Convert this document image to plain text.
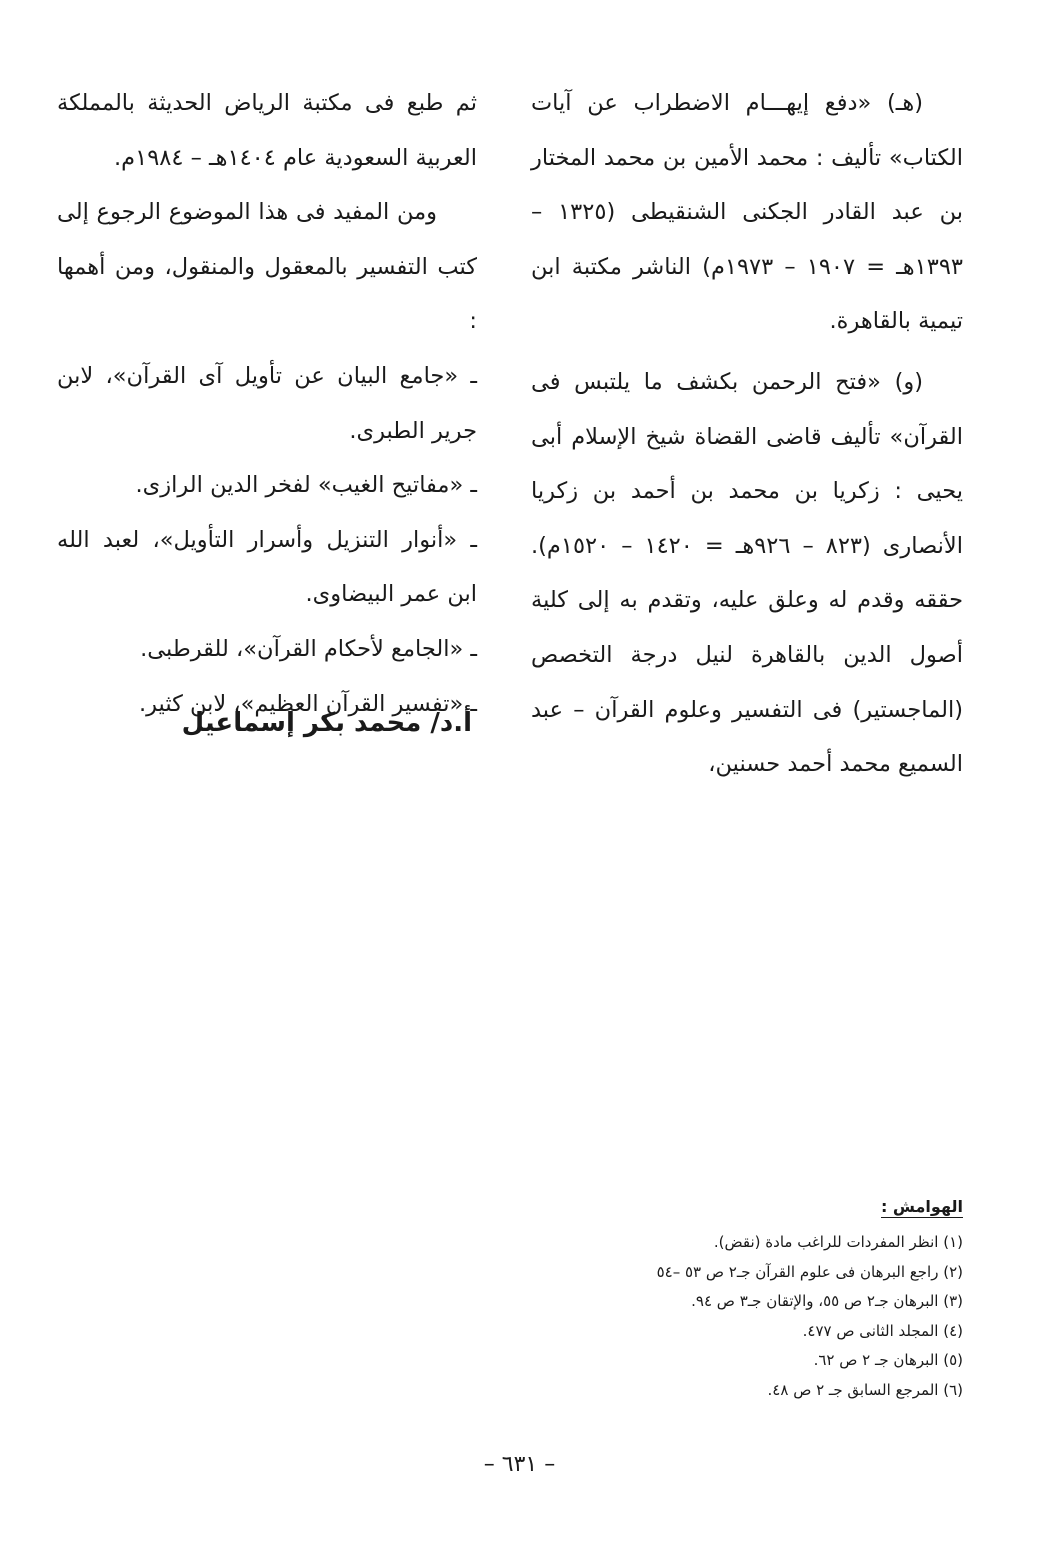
(هـ) «دفع إيهـــام الاضطراب عن آيات الكتاب» تأليف : محمد الأمين بن محمد المختار بن عبد القادر الجكنى الشنقيطى (١٣٢٥ – ١٣٩٣هـ = ١٩٠٧ – ١٩٧٣م) الناشر مكتبة ابن تيمية بالقاهرة.

(و) «فتح الرحمن بكشف ما يلتبس فى القرآن» تأليف قاضى القضاة شيخ الإسلام أبى يحيى : زكريا بن محمد بن أحمد بن زكريا الأنصارى (٨٢٣ – ٩٢٦هـ = ١٤٢٠ – ١٥٢٠م). حققه وقدم له وعلق عليه، وتقدم به إلى كلية أصول الدين بالقاهرة لنيل درجة التخصص (الماجستير) فى التفسير وعلوم القرآن – عبد السميع محمد أحمد حسنين،

ثم طبع فى مكتبة الرياض الحديثة بالمملكة العربية السعودية عام ١٤٠٤هـ – ١٩٨٤م.

ومن المفيد فى هذا الموضوع الرجوع إلى كتب التفسير بالمعقول والمنقول، ومن أهمها :

ـ «جامع البيان عن تأويل آى القرآن»، لابن جرير الطبرى.

ـ «مفاتيح الغيب» لفخر الدين الرازى.

ـ «أنوار التنزيل وأسرار التأويل»، لعبد الله ابن عمر البيضاوى.

ـ «الجامع لأحكام القرآن»، للقرطبى.

ـ «تفسير القرآن العظيم»، لابن كثير.

أ.د/ محمد بكر إسماعيل

الهوامش :

(١) انظر المفردات للراغب مادة (نقض).

(٢) راجع البرهان فى علوم القرآن جـ٢ ص ٥٣ –٥٤

(٣) البرهان جـ٢ ص ٥٥، والإتقان جـ٣ ص ٩٤.

(٤) المجلد الثانى ص ٤٧٧.

(٥) البرهان جـ ٢ ص ٦٢.

(٦) المرجع السابق جـ ٢ ص ٤٨.

– ٦٣١ –
